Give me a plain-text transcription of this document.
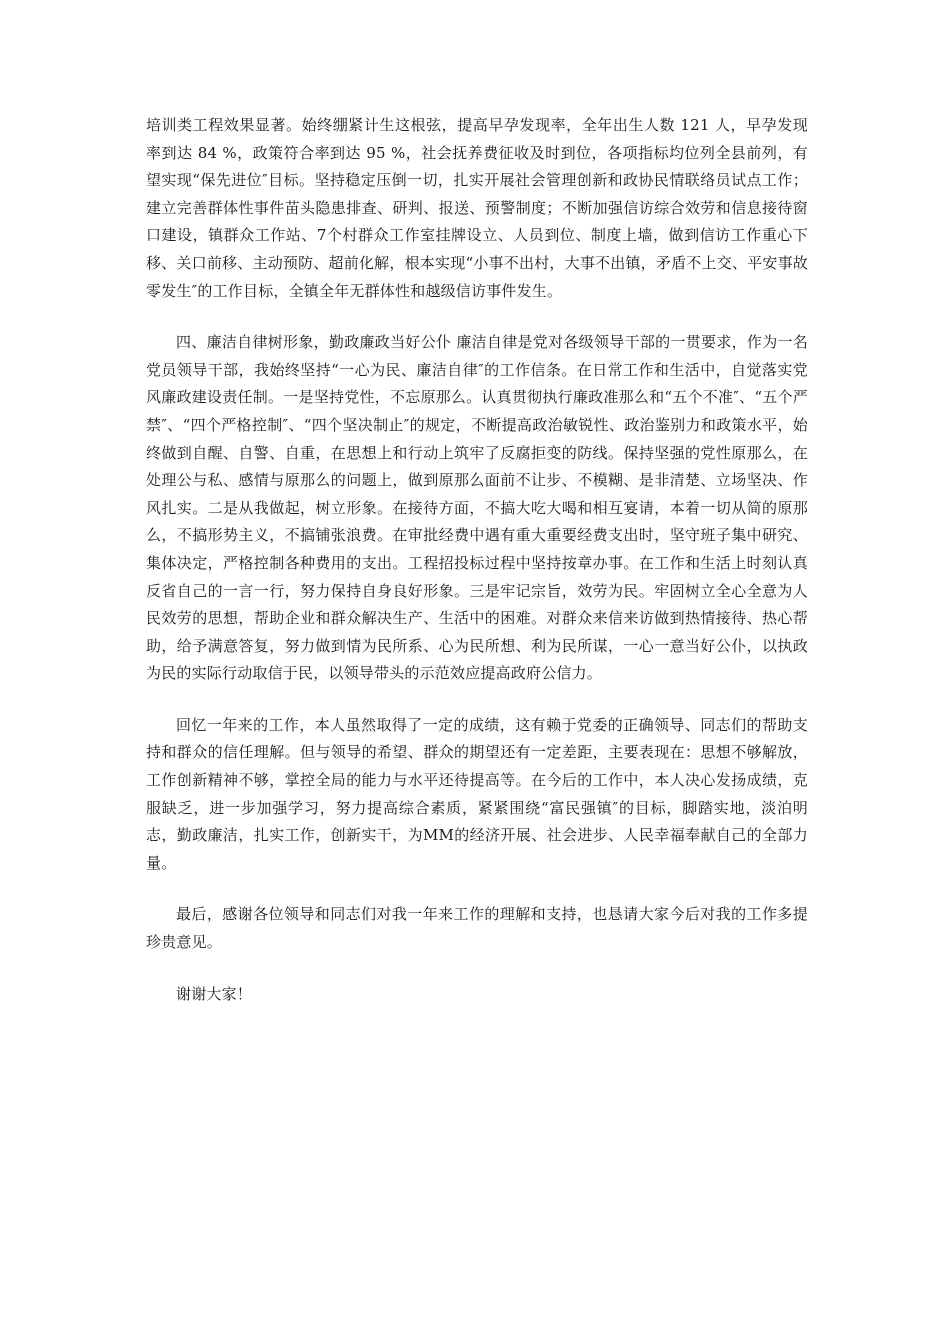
培训类工程效果显著。始终绷紧计生这根弦，提高早孕发现率，全年出生人数 121 人，早孕发现率到达 84 %，政策符合率到达 95 %，社会抚养费征收及时到位，各项指标均位列全县前列，有望实现“保先进位″目标。坚持稳定压倒一切，扎实开展社会管理创新和政协民情联络员试点工作；建立完善群体性事件苗头隐患排查、研判、报送、预警制度；不断加强信访综合效劳和信息接待窗口建设，镇群众工作站、7个村群众工作室挂牌设立、人员到位、制度上墙，做到信访工作重心下移、关口前移、主动预防、超前化解，根本实现“小事不出村，大事不出镇，矛盾不上交、平安事故零发生″的工作目标，全镇全年无群体性和越级信访事件发生。

四、廉洁自律树形象，勤政廉政当好公仆 廉洁自律是党对各级领导干部的一贯要求，作为一名党员领导干部，我始终坚持“一心为民、廉洁自律″的工作信条。在日常工作和生活中，自觉落实党风廉政建设责任制。一是坚持党性，不忘原那么。认真贯彻执行廉政准那么和“五个不准″、“五个严禁″、“四个严格控制″、“四个坚决制止″的规定，不断提高政治敏锐性、政治鉴别力和政策水平，始终做到自醒、自警、自重，在思想上和行动上筑牢了反腐拒变的防线。保持坚强的党性原那么，在处理公与私、感情与原那么的问题上，做到原那么面前不让步、不模糊、是非清楚、立场坚决、作风扎实。二是从我做起，树立形象。在接待方面，不搞大吃大喝和相互宴请，本着一切从简的原那么，不搞形势主义，不搞铺张浪费。在审批经费中遇有重大重要经费支出时，坚守班子集中研究、集体决定，严格控制各种费用的支出。工程招投标过程中坚持按章办事。在工作和生活上时刻认真反省自己的一言一行，努力保持自身良好形象。三是牢记宗旨，效劳为民。牢固树立全心全意为人民效劳的思想，帮助企业和群众解决生产、生活中的困难。对群众来信来访做到热情接待、热心帮助，给予满意答复，努力做到情为民所系、心为民所想、利为民所谋，一心一意当好公仆，以执政为民的实际行动取信于民，以领导带头的示范效应提高政府公信力。

回忆一年来的工作，本人虽然取得了一定的成绩，这有赖于党委的正确领导、同志们的帮助支持和群众的信任理解。但与领导的希望、群众的期望还有一定差距，主要表现在：思想不够解放，工作创新精神不够，掌控全局的能力与水平还待提高等。在今后的工作中，本人决心发扬成绩，克服缺乏，进一步加强学习，努力提高综合素质，紧紧围绕“富民强镇″的目标，脚踏实地，淡泊明志，勤政廉洁，扎实工作，创新实干，为MM的经济开展、社会进步、人民幸福奉献自己的全部力量。

最后，感谢各位领导和同志们对我一年来工作的理解和支持，也恳请大家今后对我的工作多提珍贵意见。

谢谢大家！
